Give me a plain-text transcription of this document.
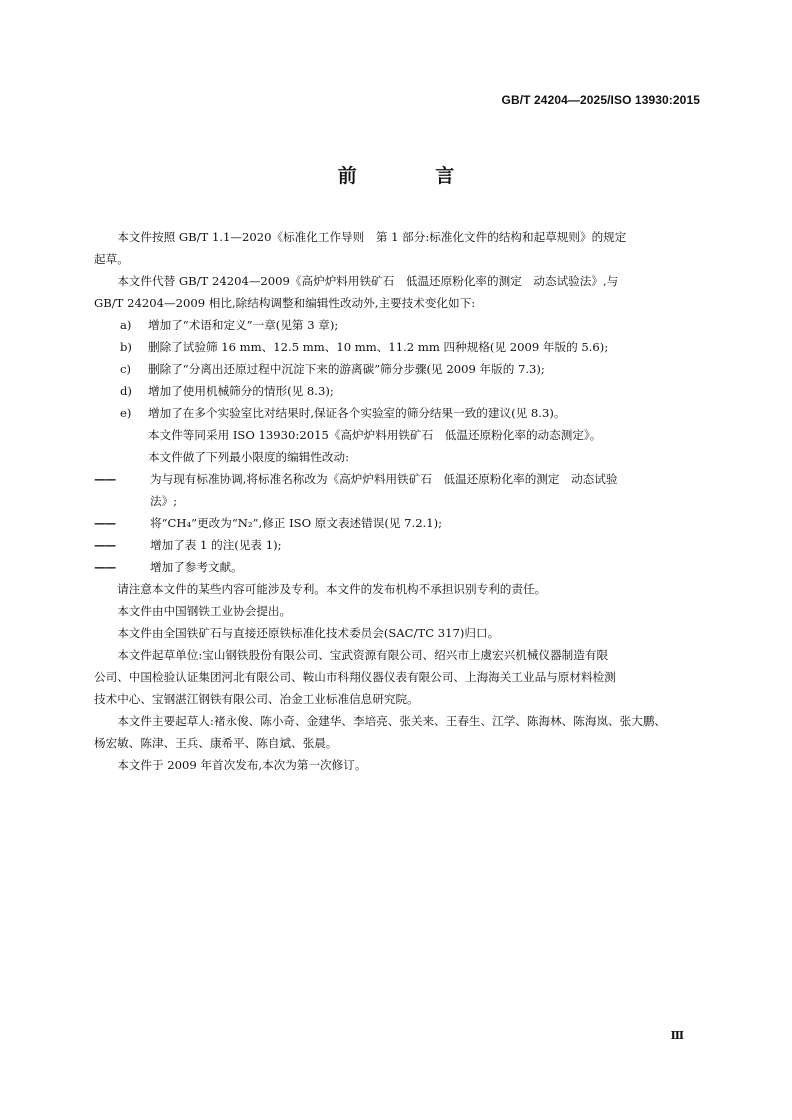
GB/T 24204—2025/ISO 13930:2015
前 言

本文件按照 GB/T 1.1—2020《标准化工作导则　第 1 部分:标准化文件的结构和起草规则》的规定

起草。

本文件代替 GB/T 24204—2009《高炉炉料用铁矿石　低温还原粉化率的测定　动态试验法》,与

GB/T 24204—2009 相比,除结构调整和编辑性改动外,主要技术变化如下:

a) 增加了“术语和定义”一章(见第 3 章);

b) 删除了试验筛 16 mm、12.5 mm、10 mm、11.2 mm 四种规格(见 2009 年版的 5.6);

c) 删除了“分离出还原过程中沉淀下来的游离碳”筛分步骤(见 2009 年版的 7.3);

d) 增加了使用机械筛分的情形(见 8.3);

e) 增加了在多个实验室比对结果时,保证各个实验室的筛分结果一致的建议(见 8.3)。

本文件等同采用 ISO 13930:2015《高炉炉料用铁矿石　低温还原粉化率的动态测定》。

本文件做了下列最小限度的编辑性改动:

——	为与现有标准协调,将标准名称改为《高炉炉料用铁矿石　低温还原粉化率的测定　动态试验

法》;

——	将“CH₄”更改为“N₂”,修正 ISO 原文表述错误(见 7.2.1);

——	增加了表 1 的注(见表 1);

——	增加了参考文献。

请注意本文件的某些内容可能涉及专利。本文件的发布机构不承担识别专利的责任。

本文件由中国钢铁工业协会提出。

本文件由全国铁矿石与直接还原铁标准化技术委员会(SAC/TC 317)归口。

本文件起草单位:宝山钢铁股份有限公司、宝武资源有限公司、绍兴市上虞宏兴机械仪器制造有限

公司、中国检验认证集团河北有限公司、鞍山市科翔仪器仪表有限公司、上海海关工业品与原材料检测

技术中心、宝钢湛江钢铁有限公司、冶金工业标准信息研究院。

本文件主要起草人:褚永俊、陈小奇、金建华、李培亮、张关来、王春生、江学、陈海林、陈海岚、张大鹏、

杨宏敏、陈津、王兵、康希平、陈自斌、张晨。

本文件于 2009 年首次发布,本次为第一次修订。

Ⅲ
